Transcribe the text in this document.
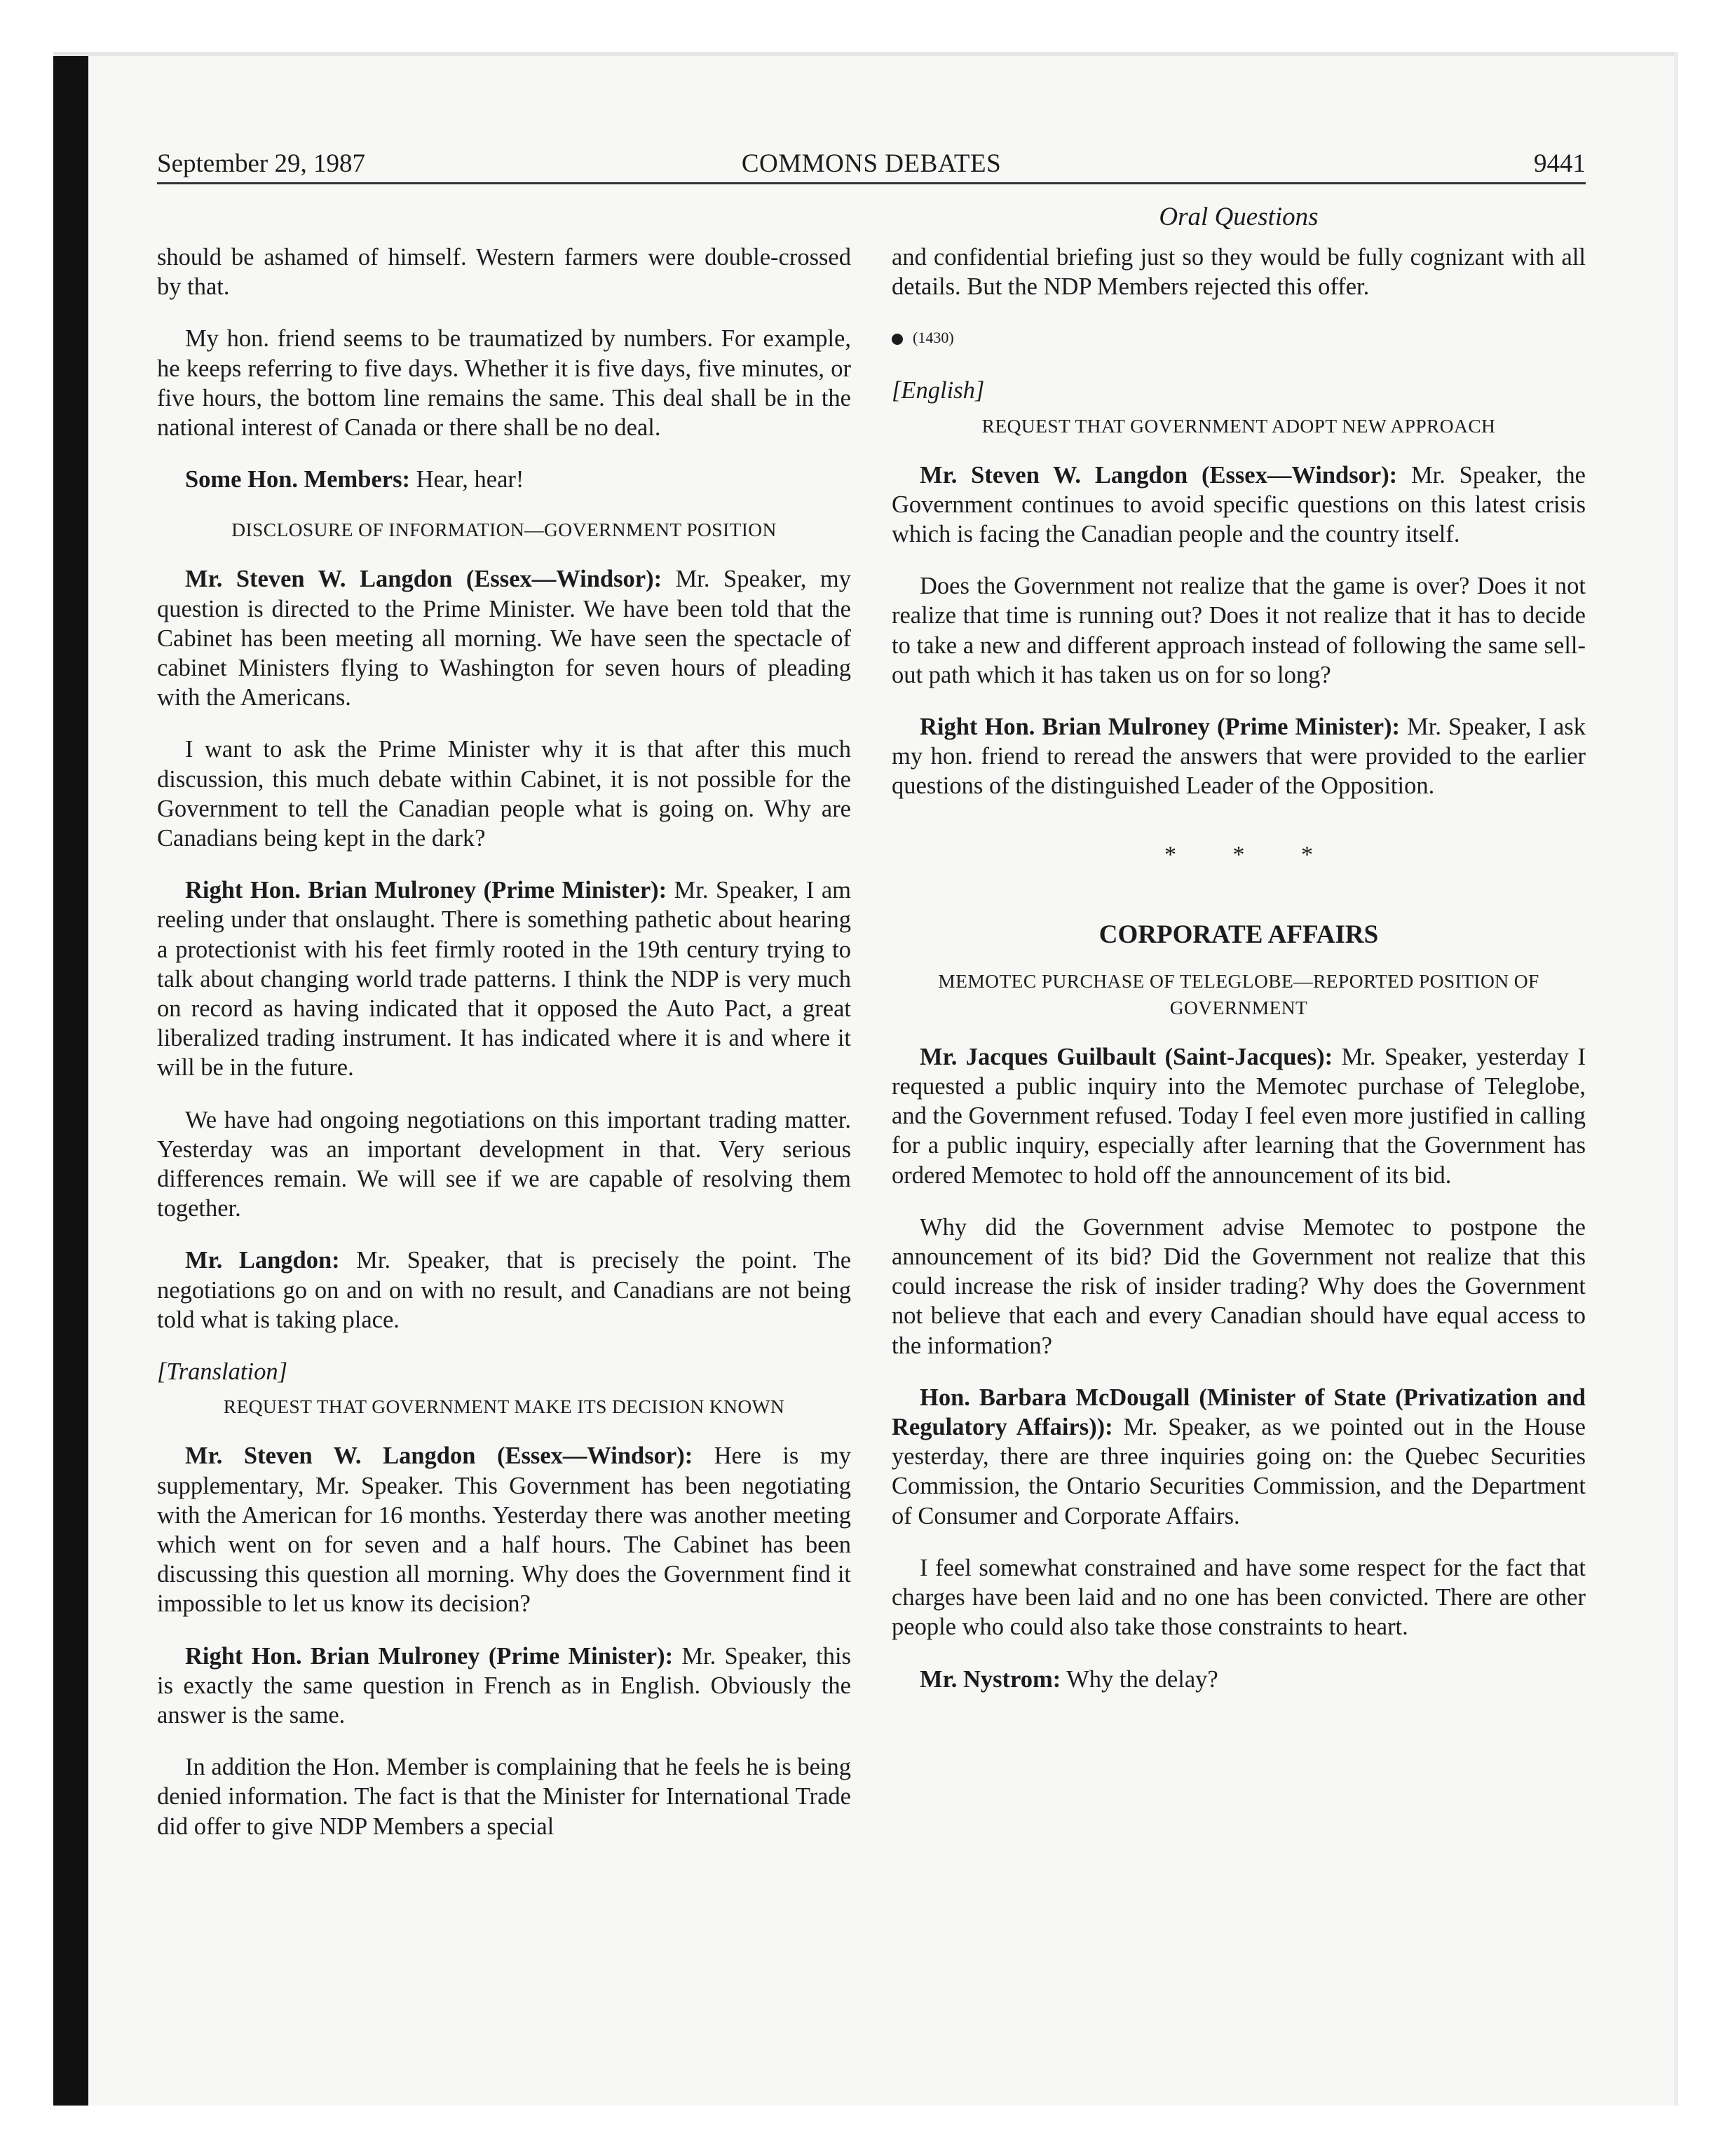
September 29, 1987	COMMONS DEBATES	9441
Oral Questions

should be ashamed of himself. Western farmers were double-crossed by that.

My hon. friend seems to be traumatized by numbers. For example, he keeps referring to five days. Whether it is five days, five minutes, or five hours, the bottom line remains the same. This deal shall be in the national interest of Canada or there shall be no deal.

Some Hon. Members: Hear, hear!

DISCLOSURE OF INFORMATION—GOVERNMENT POSITION

Mr. Steven W. Langdon (Essex—Windsor): Mr. Speaker, my question is directed to the Prime Minister. We have been told that the Cabinet has been meeting all morning. We have seen the spectacle of cabinet Ministers flying to Washington for seven hours of pleading with the Americans.

I want to ask the Prime Minister why it is that after this much discussion, this much debate within Cabinet, it is not possible for the Government to tell the Canadian people what is going on. Why are Canadians being kept in the dark?

Right Hon. Brian Mulroney (Prime Minister): Mr. Speaker, I am reeling under that onslaught. There is something pathetic about hearing a protectionist with his feet firmly rooted in the 19th century trying to talk about changing world trade patterns. I think the NDP is very much on record as having indicated that it opposed the Auto Pact, a great liberalized trading instrument. It has indicated where it is and where it will be in the future.

We have had ongoing negotiations on this important trading matter. Yesterday was an important development in that. Very serious differences remain. We will see if we are capable of resolving them together.

Mr. Langdon: Mr. Speaker, that is precisely the point. The negotiations go on and on with no result, and Canadians are not being told what is taking place.

[Translation]

REQUEST THAT GOVERNMENT MAKE ITS DECISION KNOWN

Mr. Steven W. Langdon (Essex—Windsor): Here is my supplementary, Mr. Speaker. This Government has been negotiating with the American for 16 months. Yesterday there was another meeting which went on for seven and a half hours. The Cabinet has been discussing this question all morning. Why does the Government find it impossible to let us know its decision?

Right Hon. Brian Mulroney (Prime Minister): Mr. Speaker, this is exactly the same question in French as in English. Obviously the answer is the same.

In addition the Hon. Member is complaining that he feels he is being denied information. The fact is that the Minister for International Trade did offer to give NDP Members a special

and confidential briefing just so they would be fully cognizant with all details. But the NDP Members rejected this offer.

(1430)

[English]

REQUEST THAT GOVERNMENT ADOPT NEW APPROACH

Mr. Steven W. Langdon (Essex—Windsor): Mr. Speaker, the Government continues to avoid specific questions on this latest crisis which is facing the Canadian people and the country itself.

Does the Government not realize that the game is over? Does it not realize that time is running out? Does it not realize that it has to decide to take a new and different approach instead of following the same sell-out path which it has taken us on for so long?

Right Hon. Brian Mulroney (Prime Minister): Mr. Speaker, I ask my hon. friend to reread the answers that were provided to the earlier questions of the distinguished Leader of the Opposition.

* * *

CORPORATE AFFAIRS

MEMOTEC PURCHASE OF TELEGLOBE—REPORTED POSITION OF GOVERNMENT

Mr. Jacques Guilbault (Saint-Jacques): Mr. Speaker, yesterday I requested a public inquiry into the Memotec purchase of Teleglobe, and the Government refused. Today I feel even more justified in calling for a public inquiry, especially after learning that the Government has ordered Memotec to hold off the announcement of its bid.

Why did the Government advise Memotec to postpone the announcement of its bid? Did the Government not realize that this could increase the risk of insider trading? Why does the Government not believe that each and every Canadian should have equal access to the information?

Hon. Barbara McDougall (Minister of State (Privatization and Regulatory Affairs)): Mr. Speaker, as we pointed out in the House yesterday, there are three inquiries going on: the Quebec Securities Commission, the Ontario Securities Commission, and the Department of Consumer and Corporate Affairs.

I feel somewhat constrained and have some respect for the fact that charges have been laid and no one has been convicted. There are other people who could also take those constraints to heart.

Mr. Nystrom: Why the delay?
